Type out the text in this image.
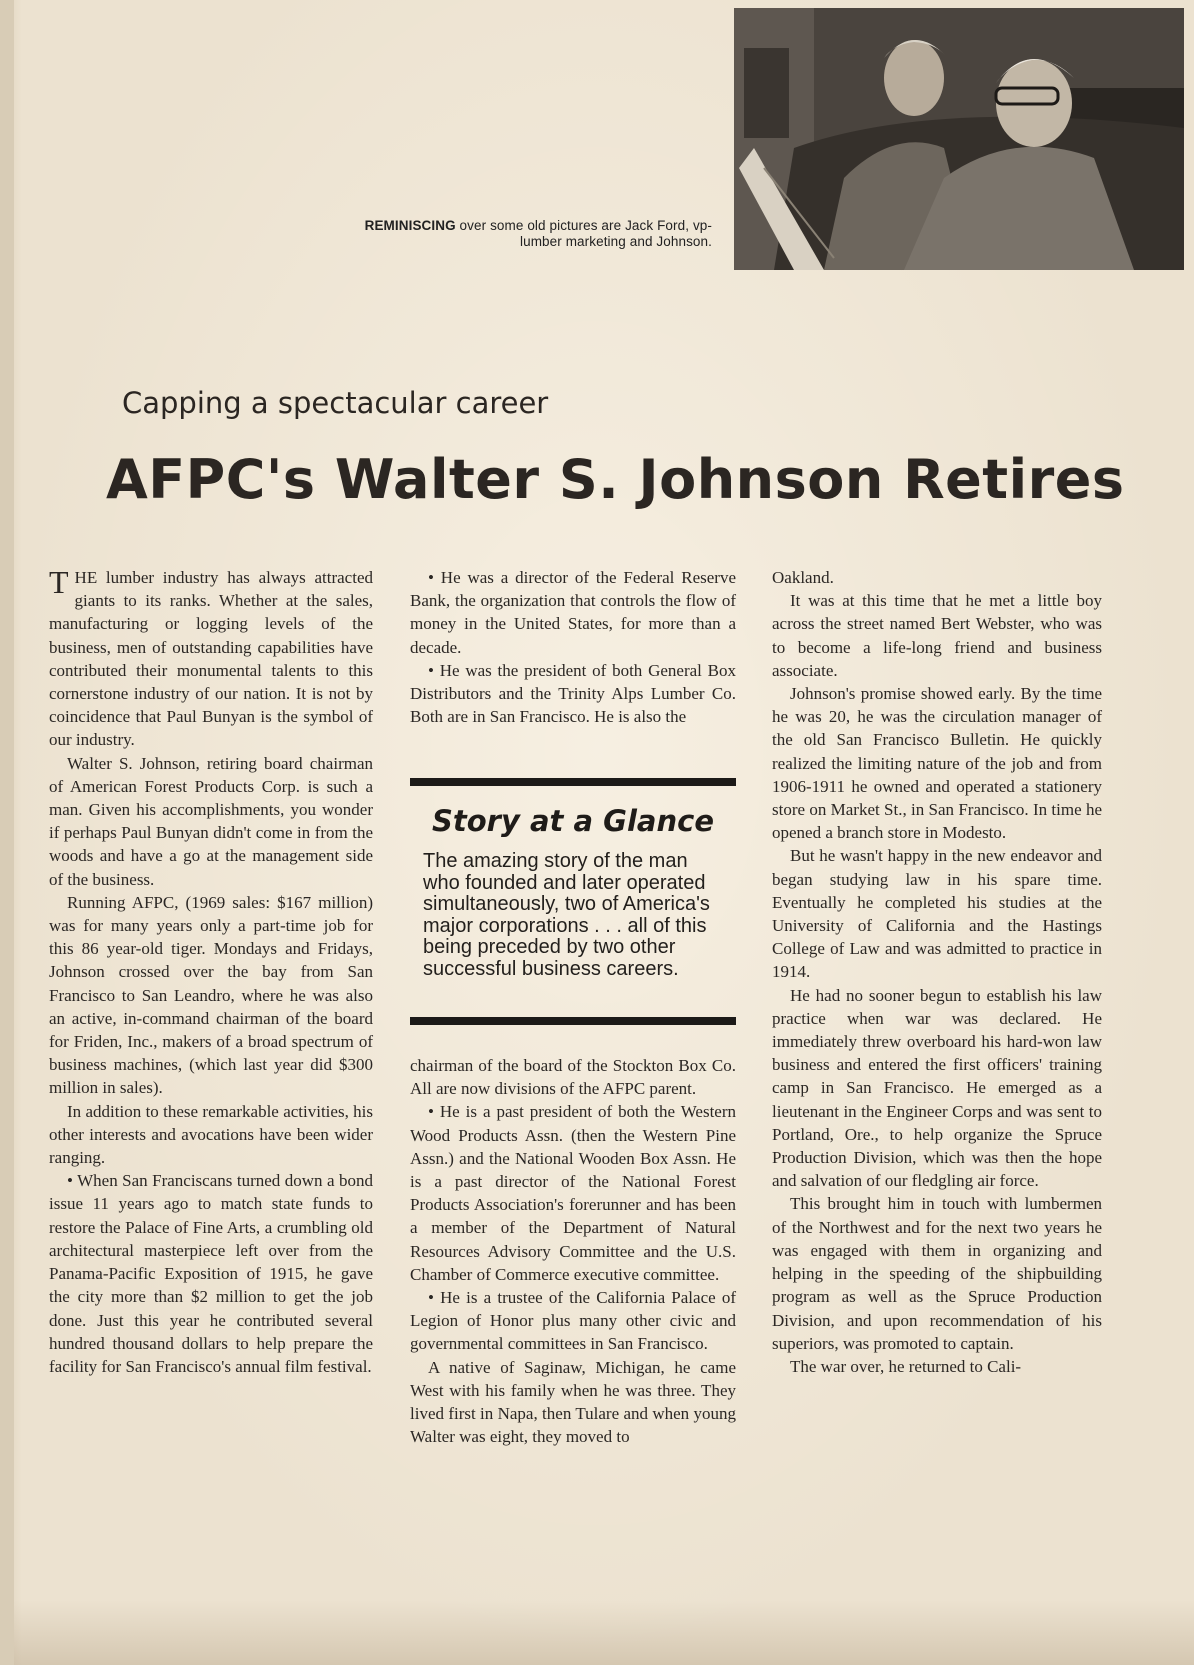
REMINISCING over some old pictures are Jack Ford, vp-lumber marketing and Johnson.
Capping a spectacular career
AFPC's Walter S. Johnson Retires

THE lumber industry has always attracted giants to its ranks. Whether at the sales, manufacturing or logging levels of the business, men of outstanding capabilities have contributed their monumental talents to this cornerstone industry of our nation. It is not by coincidence that Paul Bunyan is the symbol of our industry.

Walter S. Johnson, retiring board chairman of American Forest Products Corp. is such a man. Given his accomplishments, you wonder if perhaps Paul Bunyan didn't come in from the woods and have a go at the management side of the business.

Running AFPC, (1969 sales: $167 million) was for many years only a part-time job for this 86 year-old tiger. Mondays and Fridays, Johnson crossed over the bay from San Francisco to San Leandro, where he was also an active, in-command chairman of the board for Friden, Inc., makers of a broad spectrum of business machines, (which last year did $300 million in sales).

In addition to these remarkable activities, his other interests and avocations have been wider ranging.

• When San Franciscans turned down a bond issue 11 years ago to match state funds to restore the Palace of Fine Arts, a crumbling old architectural masterpiece left over from the Panama-Pacific Exposition of 1915, he gave the city more than $2 million to get the job done. Just this year he contributed several hundred thousand dollars to help prepare the facility for San Francisco's annual film festival.

• He was a director of the Federal Reserve Bank, the organization that controls the flow of money in the United States, for more than a decade.

• He was the president of both General Box Distributors and the Trinity Alps Lumber Co. Both are in San Francisco. He is also the

Story at a Glance
The amazing story of the man who founded and later operated simultaneously, two of America's major corporations . . . all of this being preceded by two other successful business careers.

chairman of the board of the Stockton Box Co. All are now divisions of the AFPC parent.

• He is a past president of both the Western Wood Products Assn. (then the Western Pine Assn.) and the National Wooden Box Assn. He is a past director of the National Forest Products Association's forerunner and has been a member of the Department of Natural Resources Advisory Committee and the U.S. Chamber of Commerce executive committee.

• He is a trustee of the California Palace of Legion of Honor plus many other civic and governmental committees in San Francisco.

A native of Saginaw, Michigan, he came West with his family when he was three. They lived first in Napa, then Tulare and when young Walter was eight, they moved to

Oakland.

It was at this time that he met a little boy across the street named Bert Webster, who was to become a life-long friend and business associate.

Johnson's promise showed early. By the time he was 20, he was the circulation manager of the old San Francisco Bulletin. He quickly realized the limiting nature of the job and from 1906-1911 he owned and operated a stationery store on Market St., in San Francisco. In time he opened a branch store in Modesto.

But he wasn't happy in the new endeavor and began studying law in his spare time. Eventually he completed his studies at the University of California and the Hastings College of Law and was admitted to practice in 1914.

He had no sooner begun to establish his law practice when war was declared. He immediately threw overboard his hard-won law business and entered the first officers' training camp in San Francisco. He emerged as a lieutenant in the Engineer Corps and was sent to Portland, Ore., to help organize the Spruce Production Division, which was then the hope and salvation of our fledgling air force.

This brought him in touch with lumbermen of the Northwest and for the next two years he was engaged with them in organizing and helping in the speeding of the shipbuilding program as well as the Spruce Production Division, and upon recommendation of his superiors, was promoted to captain.

The war over, he returned to Cali-
